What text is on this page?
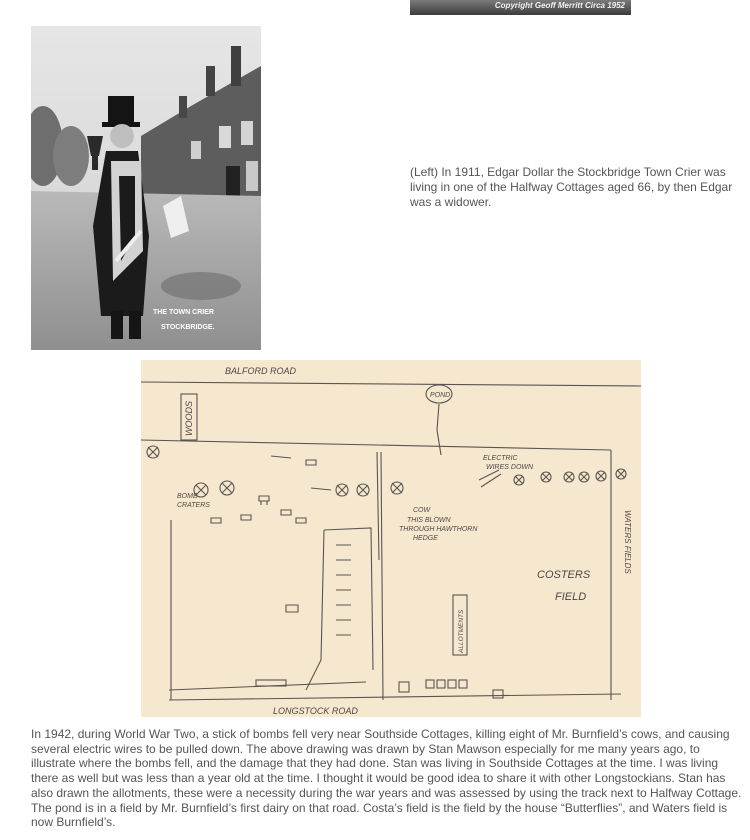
Copyright Geoff Merritt Circa 1952
THE TOWN CRIER
STOCKBRIDGE.
(Left) In 1911, Edgar Dollar the Stockbridge Town Crier was living in one of the Halfway Cottages aged 66, by then Edgar was a widower.
BALFORD ROAD
WOODS
POND
ELECTRIC
WIRES DOWN
BOMB
CRATERS
COW
THIS BLOWN
THROUGH HAWTHORN
HEDGE	WATERS FIELDS
COSTERS
FIELD
ALLOTMENTS
LONGSTOCK ROAD
In 1942, during World War Two, a stick of bombs fell very near Southside Cottages, killing eight of Mr. Burnfield’s cows, and causing several electric wires to be pulled down. The above drawing was drawn by Stan Mawson especially for me many years ago, to illustrate where the bombs fell, and the damage that they had done. Stan was living in Southside Cottages at the time. I was living there as well but was less than a year old at the time. I thought it would be good idea to share it with other Longstockians. Stan has also drawn the allotments, these were a necessity during the war years and was assessed by using the track next to Halfway Cottage. The pond is in a field by Mr. Burnfield’s first dairy on that road. Costa’s field is the field by the house “Butterflies”, and Waters field is now Burnfield’s.
